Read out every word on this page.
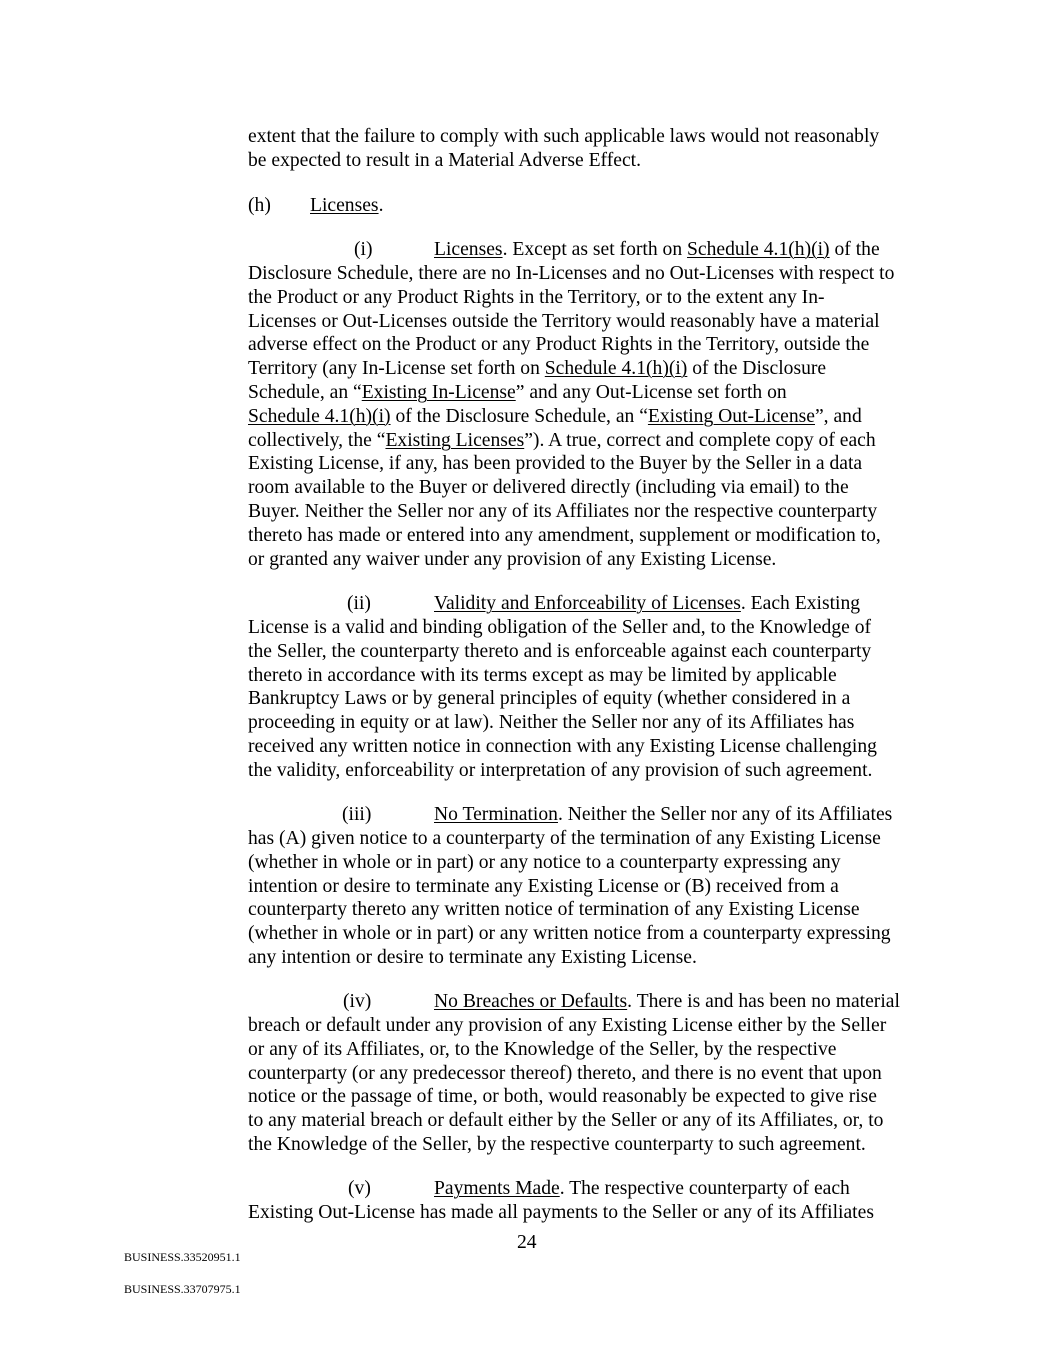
extent that the failure to comply with such applicable laws would not reasonably
be expected to result in a Material Adverse Effect.
(h) Licenses.
(i)	Licenses. Except as set forth on Schedule 4.1(h)(i) of the
Disclosure Schedule, there are no In-Licenses and no Out-Licenses with respect to
the Product or any Product Rights in the Territory, or to the extent any In-
Licenses or Out-Licenses outside the Territory would reasonably have a material
adverse effect on the Product or any Product Rights in the Territory, outside the
Territory (any In-License set forth on Schedule 4.1(h)(i) of the Disclosure
Schedule, an “Existing In-License” and any Out-License set forth on
Schedule 4.1(h)(i) of the Disclosure Schedule, an “Existing Out-License”, and
collectively, the “Existing Licenses”). A true, correct and complete copy of each
Existing License, if any, has been provided to the Buyer by the Seller in a data
room available to the Buyer or delivered directly (including via email) to the
Buyer. Neither the Seller nor any of its Affiliates nor the respective counterparty
thereto has made or entered into any amendment, supplement or modification to,
or granted any waiver under any provision of any Existing License.
(ii)	Validity and Enforceability of Licenses. Each Existing
License is a valid and binding obligation of the Seller and, to the Knowledge of
the Seller, the counterparty thereto and is enforceable against each counterparty
thereto in accordance with its terms except as may be limited by applicable
Bankruptcy Laws or by general principles of equity (whether considered in a
proceeding in equity or at law). Neither the Seller nor any of its Affiliates has
received any written notice in connection with any Existing License challenging
the validity, enforceability or interpretation of any provision of such agreement.
(iii)	No Termination. Neither the Seller nor any of its Affiliates
has (A) given notice to a counterparty of the termination of any Existing License
(whether in whole or in part) or any notice to a counterparty expressing any
intention or desire to terminate any Existing License or (B) received from a
counterparty thereto any written notice of termination of any Existing License
(whether in whole or in part) or any written notice from a counterparty expressing
any intention or desire to terminate any Existing License.
(iv)	No Breaches or Defaults. There is and has been no material
breach or default under any provision of any Existing License either by the Seller
or any of its Affiliates, or, to the Knowledge of the Seller, by the respective
counterparty (or any predecessor thereof) thereto, and there is no event that upon
notice or the passage of time, or both, would reasonably be expected to give rise
to any material breach or default either by the Seller or any of its Affiliates, or, to
the Knowledge of the Seller, by the respective counterparty to such agreement.
(v)	Payments Made. The respective counterparty of each
Existing Out-License has made all payments to the Seller or any of its Affiliates
24
BUSINESS.33520951.1
BUSINESS.33707975.1
